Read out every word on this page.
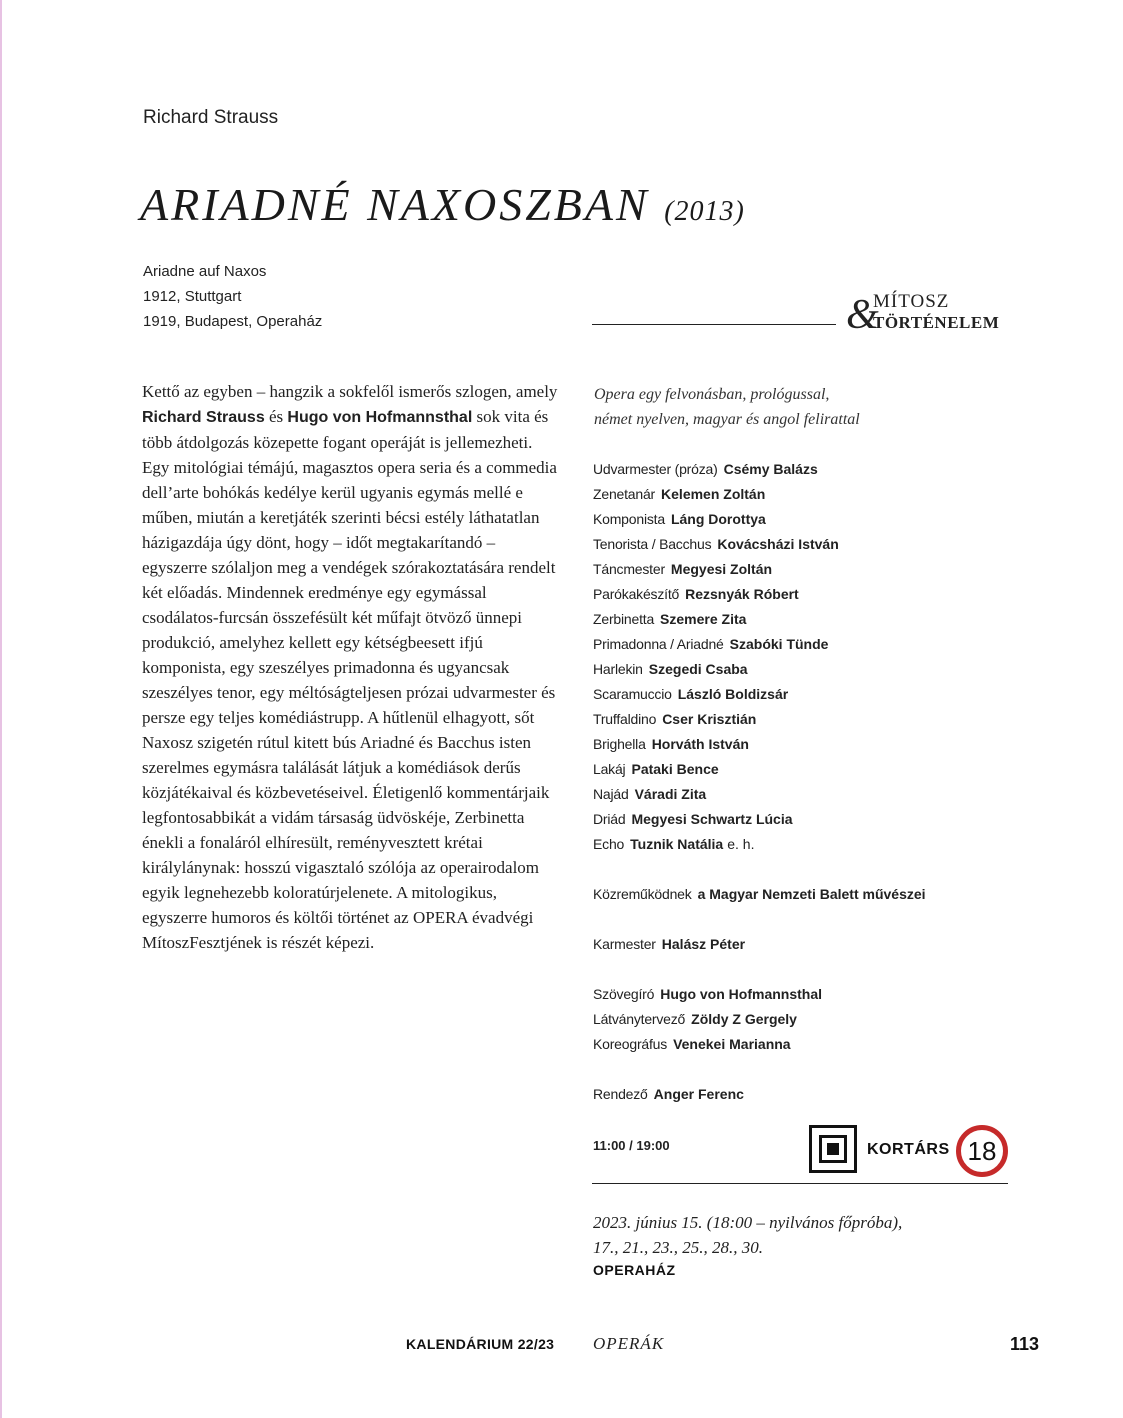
Richard Strauss
ARIADNÉ NAXOSZBAN (2013)
Ariadne auf Naxos
1912, Stuttgart
1919, Budapest, Operaház	&
MÍTOSZ
TÖRTÉNELEM
Kettő az egyben – hangzik a sokfelől ismerős szlogen, amely Richard Strauss és Hugo von Hofmannsthal sok vita és több átdolgozás közepette fogant operáját is jellemezheti. Egy mitológiai témájú, magasztos opera seria és a commedia dell’arte bohókás kedélye kerül ugyanis egymás mellé e műben, miután a keretjáték szerinti bécsi estély láthatatlan házigazdája úgy dönt, hogy – időt megtakarítandó – egyszerre szólaljon meg a vendégek szórakoztatására rendelt két előadás. Mindennek eredménye egy egymással csodálatos-furcsán összefésült két műfajt ötvöző ünnepi produkció, amelyhez kellett egy kétségbeesett ifjú komponista, egy szeszélyes primadonna és ugyancsak szeszélyes tenor, egy méltóságteljesen prózai udvarmester és persze egy teljes komédiástrupp. A hűtlenül elhagyott, sőt Naxosz szigetén rútul kitett bús Ariadné és Bacchus isten szerelmes egymásra találását látjuk a komédiások derűs közjátékaival és közbevetéseivel. Életigenlő kommentárjaik legfontosabbikát a vidám társaság üdvöskéje, Zerbinetta énekli a fonaláról elhíresült, reményvesztett krétai királylánynak: hosszú vigasztaló szólója az operairodalom egyik legnehezebb koloratúrjelenete. A mitologikus, egyszerre humoros és költői történet az OPERA évadvégi MítoszFesztjének is részét képezi.
Opera egy felvonásban, prológussal,
német nyelven, magyar és angol felirattal
Udvarmester (próza) Csémy Balázs
Zenetanár Kelemen Zoltán
Komponista Láng Dorottya
Tenorista / Bacchus Kovácsházi István
Táncmester Megyesi Zoltán
Parókakészítő Rezsnyák Róbert
Zerbinetta Szemere Zita
Primadonna / Ariadné Szabóki Tünde
Harlekin Szegedi Csaba
Scaramuccio László Boldizsár
Truffaldino Cser Krisztián
Brighella Horváth István
Lakáj Pataki Bence
Najád Váradi Zita
Driád Megyesi Schwartz Lúcia
Echo Tuznik Natália e. h.
Közreműködnek a Magyar Nemzeti Balett művészei
Karmester Halász Péter
Szövegíró Hugo von Hofmannsthal
Látványtervező Zöldy Z Gergely
Koreográfus Venekei Marianna
Rendező Anger Ferenc
11:00 / 19:00	KORTÁRS 18
2023. június 15. (18:00 – nyilvános főpróba),
17., 21., 23., 25., 28., 30.
OPERAHÁZ
KALENDÁRIUM 22/23 OPERÁK	113
